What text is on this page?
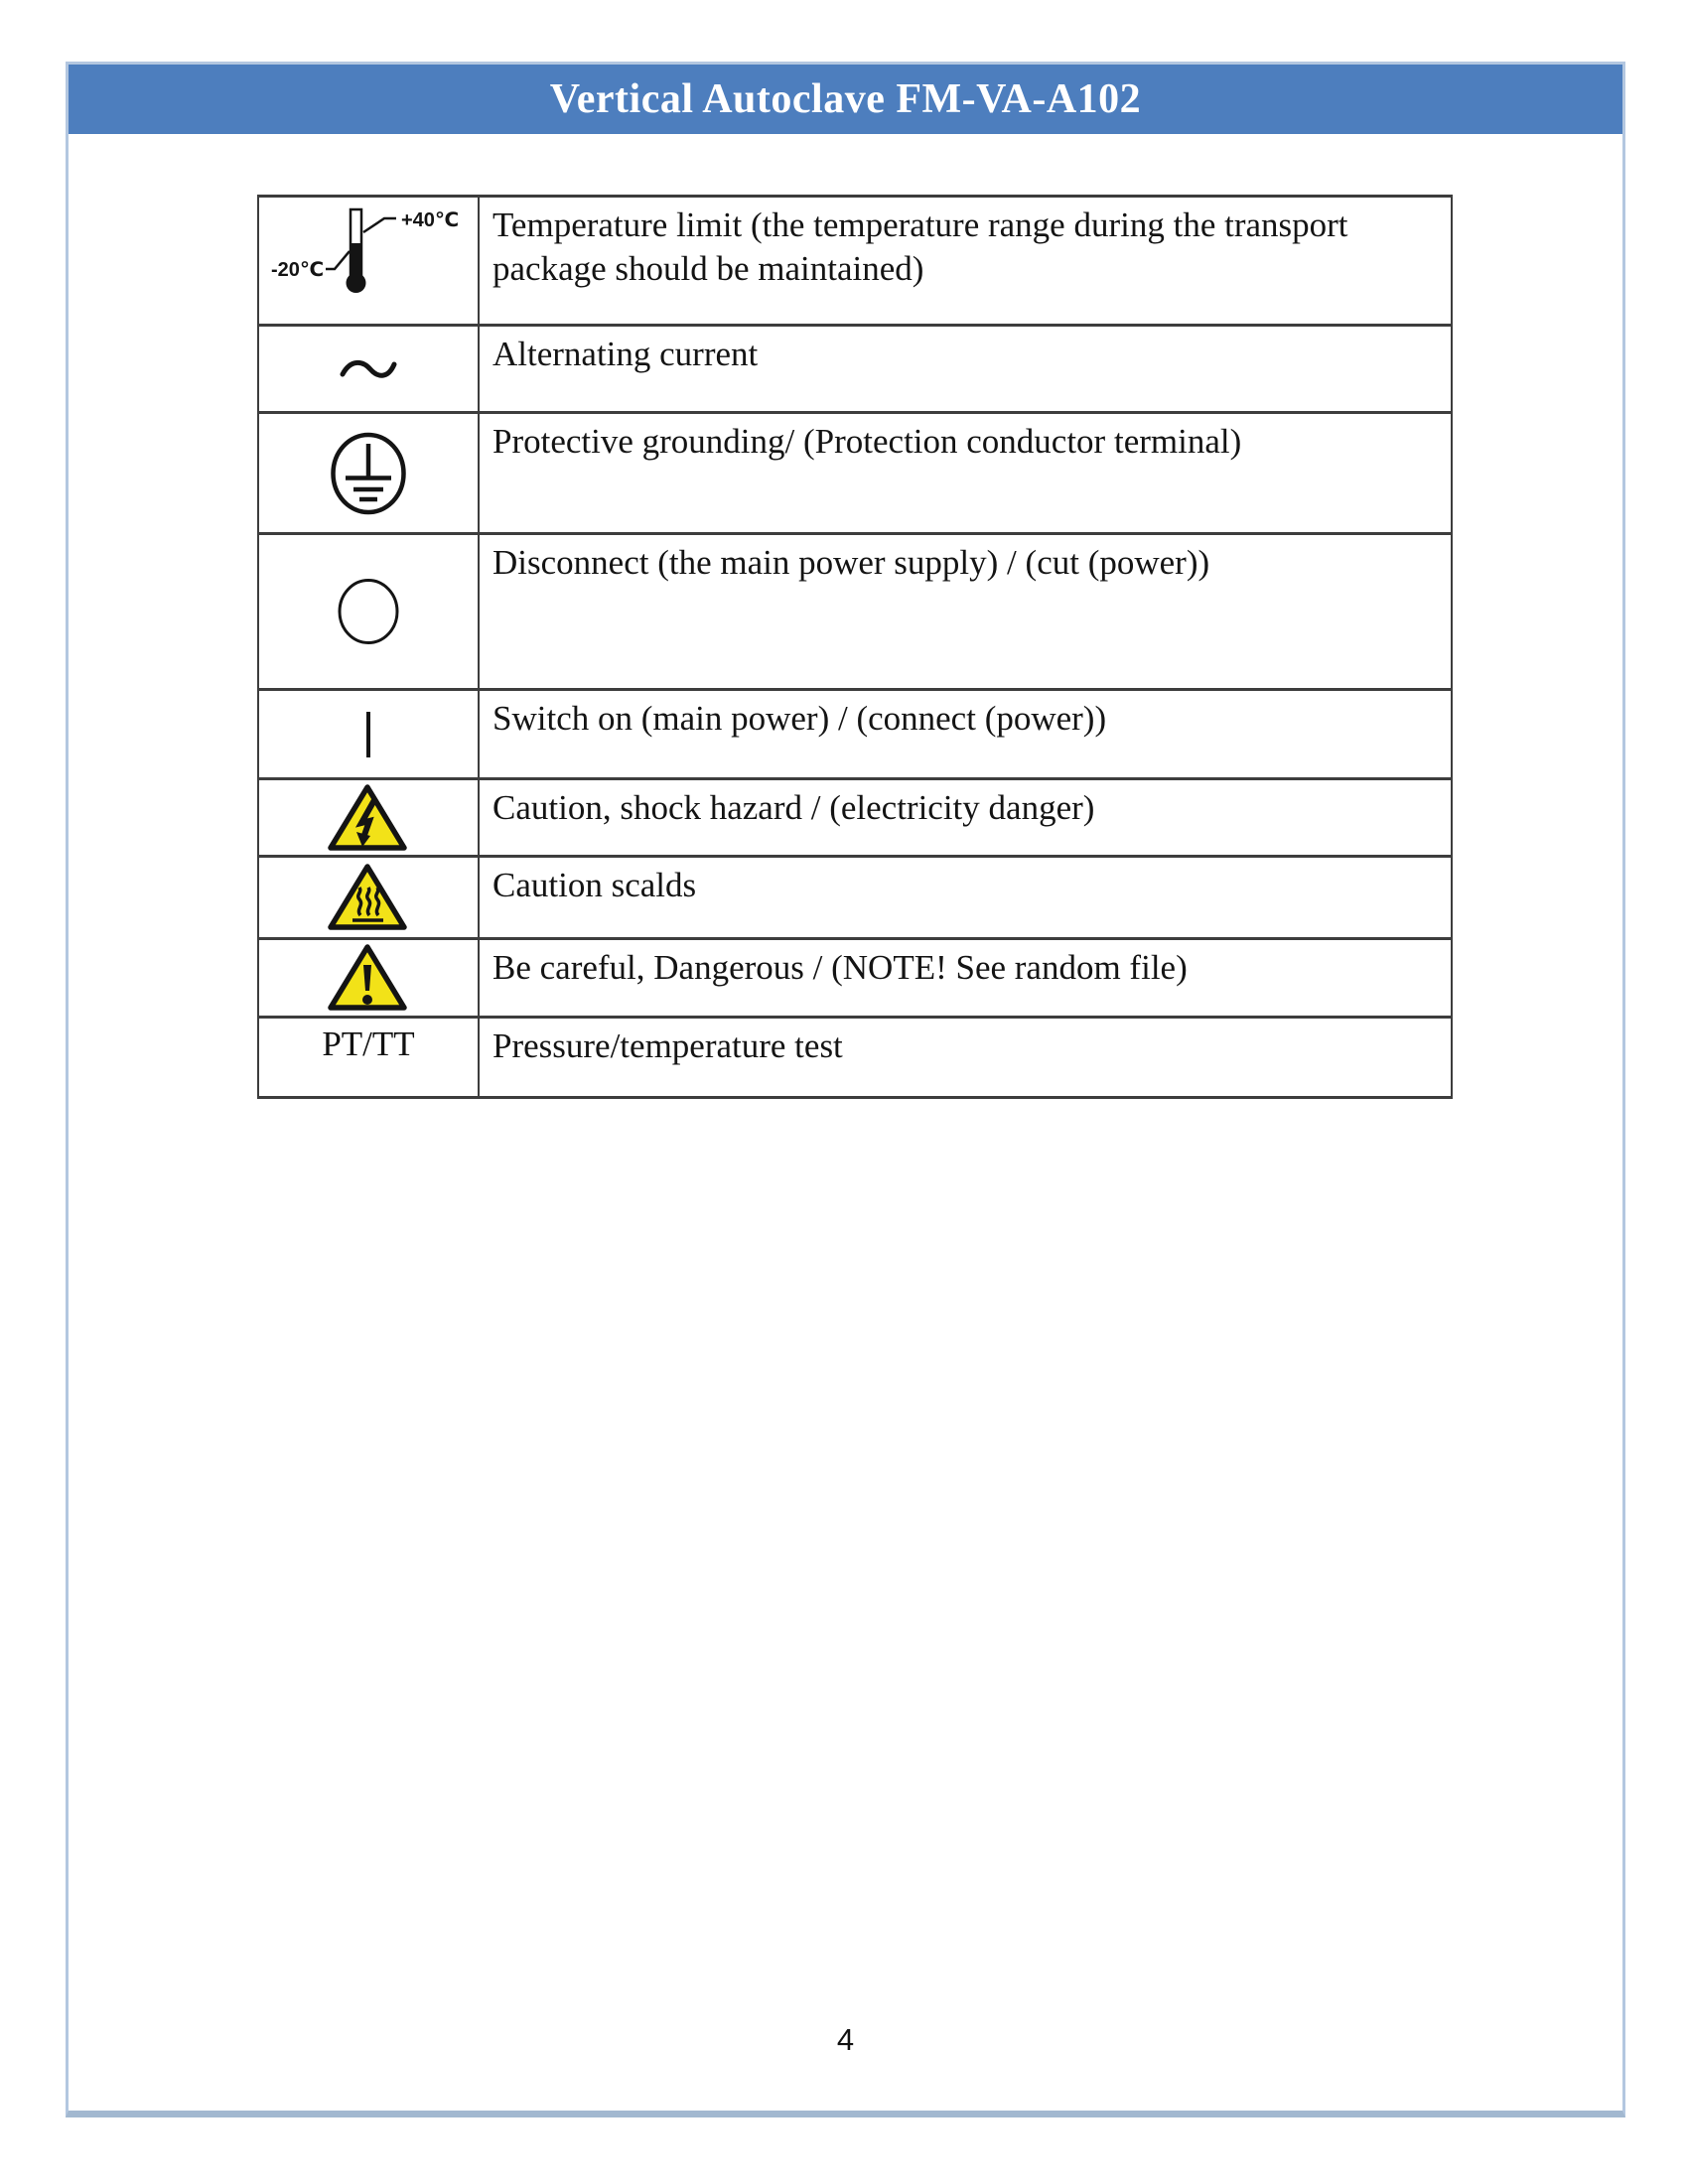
Vertical Autoclave FM-VA-A102
+40℃
-20℃	Temperature limit (the temperature range during the transport package should be maintained)
	Alternating current
	Protective grounding/ (Protection conductor terminal)
	Disconnect (the main power supply) / (cut (power))
	Switch on (main power) / (connect (power))
	Caution, shock hazard / (electricity danger)
	Caution scalds
	Be careful, Dangerous / (NOTE! See random file)
PT/TT	Pressure/temperature test
4
